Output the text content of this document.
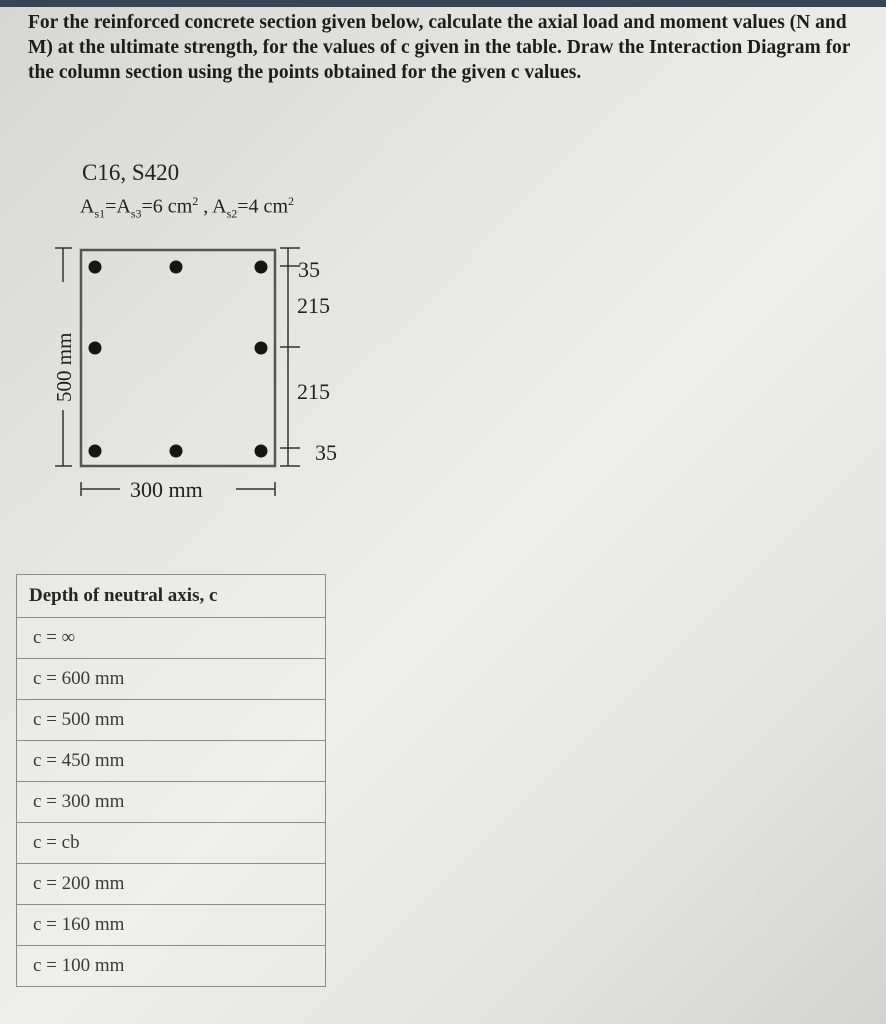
For the reinforced concrete section given below, calculate the axial load and moment values (N and M) at the ultimate strength, for the values of c given in the table. Draw the Interaction Diagram for the column section using the points obtained for the given c values.
C16, S420
$A_{s1}=A_{s3}=6$ $cm^2$ , $A_{s2}=4$ $cm^2$
500 mm
35
215
215
35
300 mm
Depth of neutral axis, c
c = ∞
c = 600 mm
c = 500 mm
c = 450 mm
c = 300 mm
c = cb
c = 200 mm
c = 160 mm
c = 100 mm
